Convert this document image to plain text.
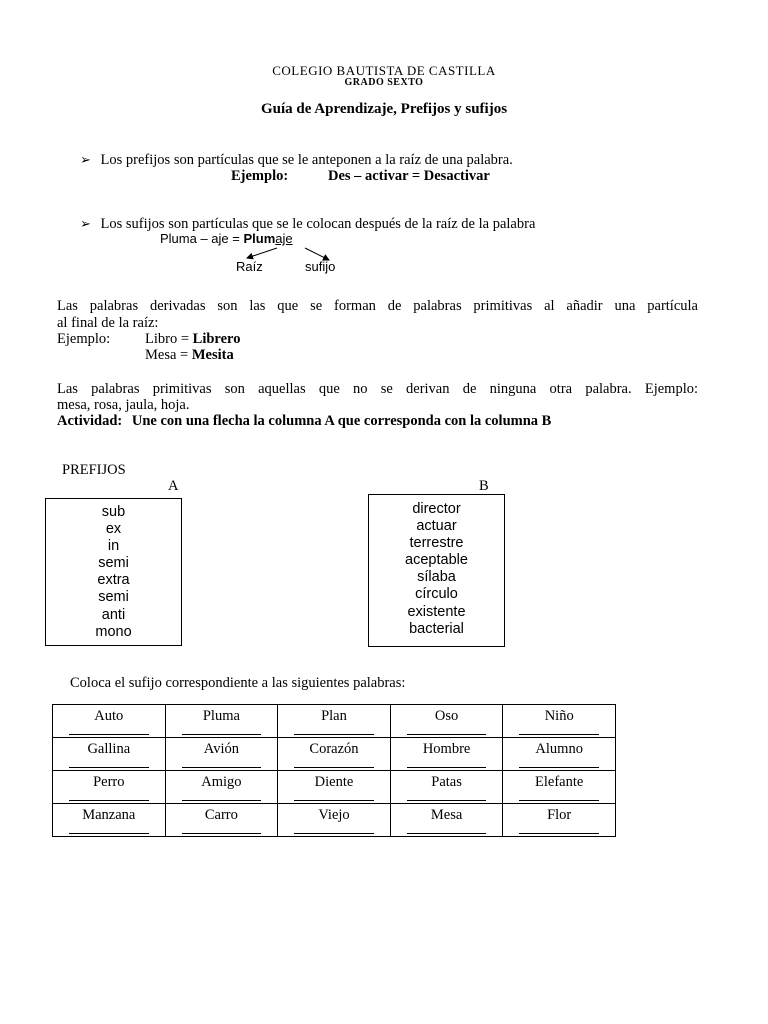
COLEGIO BAUTISTA DE CASTILLA
GRADO SEXTO
Guía de Aprendizaje, Prefijos y sufijos
➢ Los prefijos son partículas que se le anteponen a la raíz de una palabra.
Ejemplo:	Des – activar = Desactivar
➢ Los sufijos son partículas que se le colocan después de la raíz de la palabra
Pluma – aje = Plumaje
Raíz	sufijo
Las palabras derivadas son las que se forman de palabras primitivas al añadir una partícula
al final de la raíz:
Ejemplo: Libro = Librero
Mesa = Mesita
Las palabras primitivas son aquellas que no se derivan de ninguna otra palabra. Ejemplo:
mesa, rosa, jaula, hoja.
Actividad: Une con una flecha la columna A que corresponda con la columna B
PREFIJOS
A	B
sub
ex
in
semi
extra
semi
anti
mono
director
actuar
terrestre
aceptable
sílaba
círculo
existente
bacterial
Coloca el sufijo correspondiente a las siguientes palabras:
Auto	Pluma	Plan	Oso	Niño

Gallina	Avión	Corazón	Hombre	Alumno

Perro	Amigo	Diente	Patas	Elefante

Manzana	Carro	Viejo	Mesa	Flor
